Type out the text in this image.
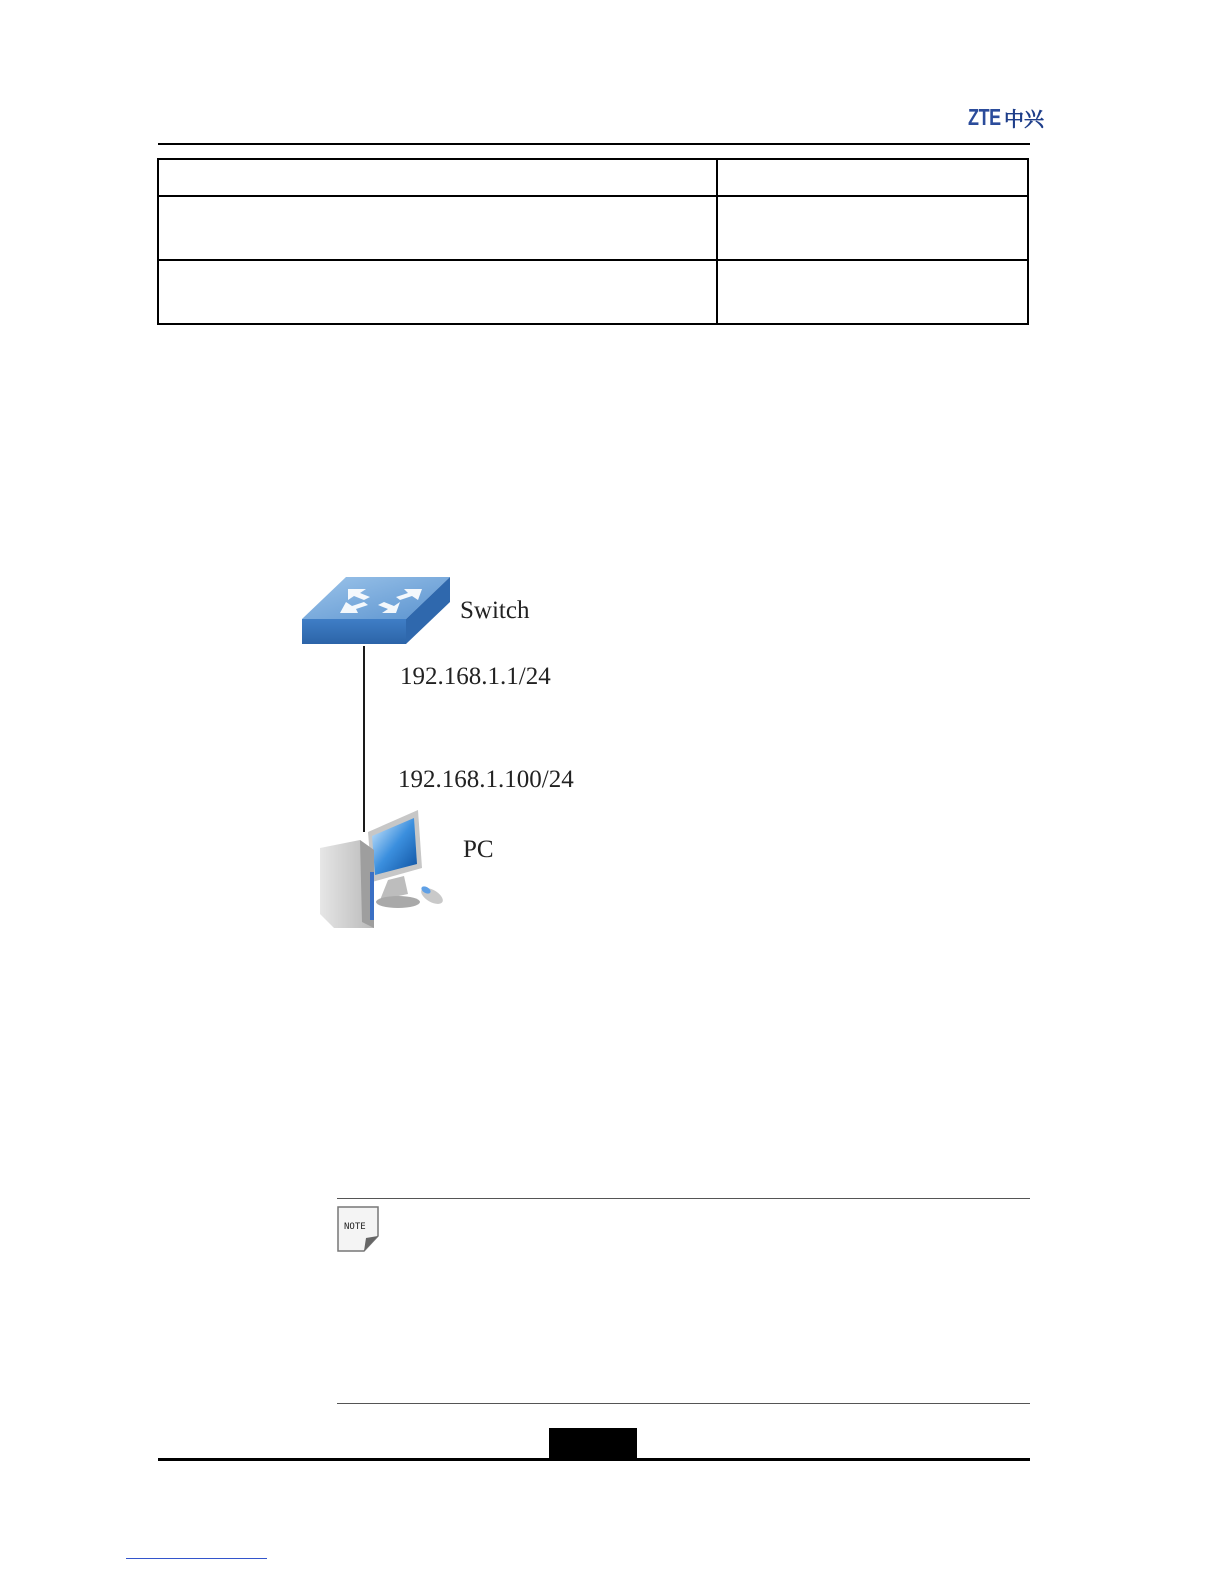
ZTE 中兴

Switch
192.168.1.1/24
192.168.1.100/24
PC
NOTE
